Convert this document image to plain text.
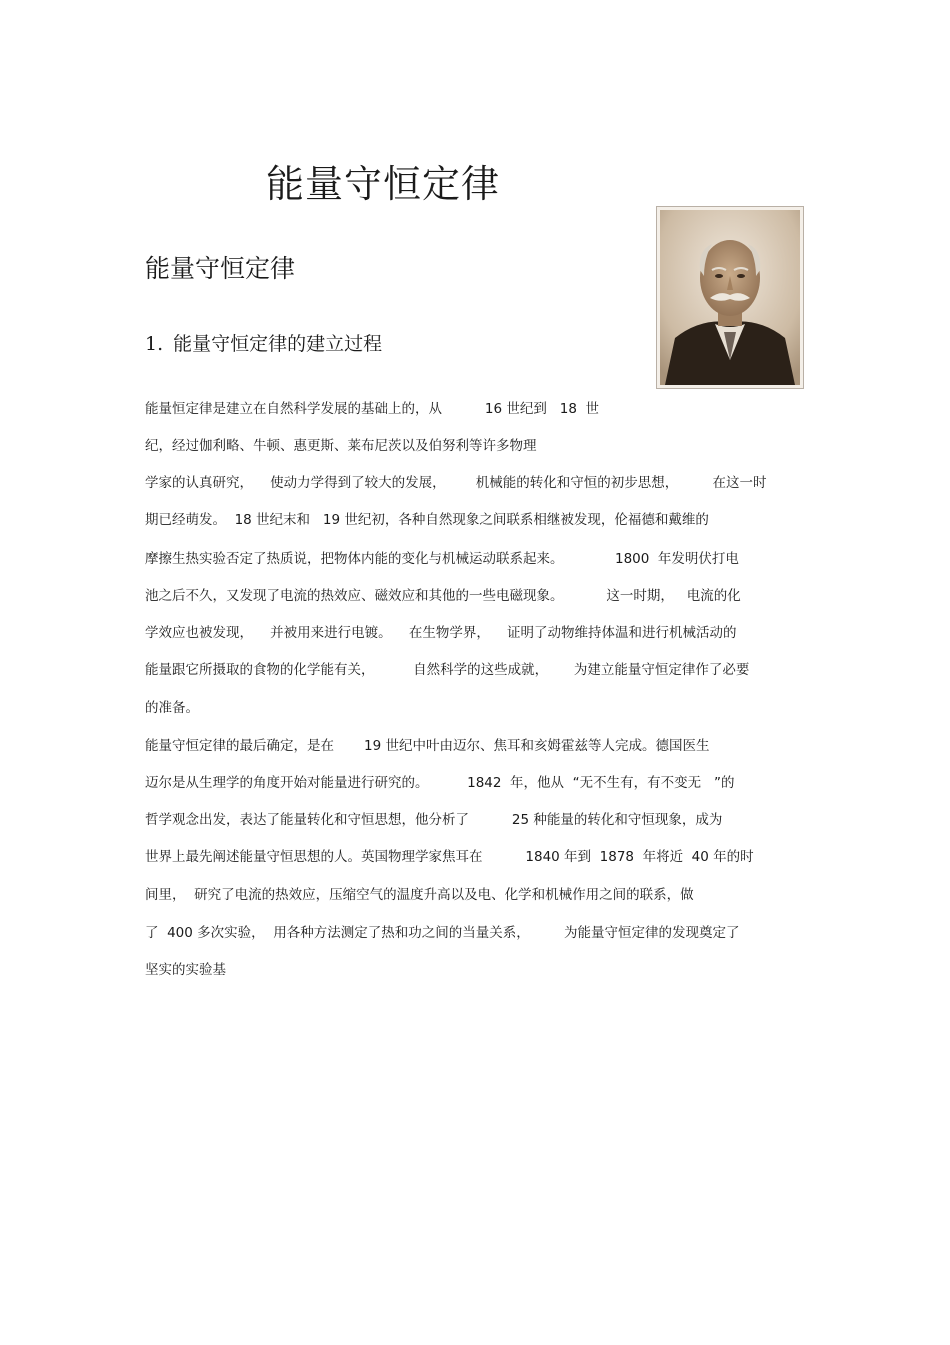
能量守恒定律
能量守恒定律
1. 能量守恒定律的建立过程

能量恒定律是建立在自然科学发展的基础上的，从          16 世纪到   18  世

纪，经过伽利略、牛顿、惠更斯、莱布尼茨以及伯努利等许多物理

学家的认真研究，    使动力学得到了较大的发展，       机械能的转化和守恒的初步思想，        在这一时

期已经萌发。  18 世纪末和   19 世纪初，各种自然现象之间联系相继被发现，伦福德和戴维的

摩擦生热实验否定了热质说，把物体内能的变化与机械运动联系起来。            1800  年发明伏打电

池之后不久，又发现了电流的热效应、磁效应和其他的一些电磁现象。          这一时期，   电流的化

学效应也被发现，    并被用来进行电镀。    在生物学界，    证明了动物维持体温和进行机械活动的

能量跟它所摄取的食物的化学能有关，         自然科学的这些成就，      为建立能量守恒定律作了必要

的准备。

能量守恒定律的最后确定，是在       19 世纪中叶由迈尔、焦耳和亥姆霍兹等人完成。德国医生

迈尔是从生理学的角度开始对能量进行研究的。         1842  年，他从  “无不生有，有不变无   ”的

哲学观念出发，表达了能量转化和守恒思想，他分析了          25 种能量的转化和守恒现象，成为

世界上最先阐述能量守恒思想的人。英国物理学家焦耳在          1840 年到  1878  年将近  40 年的时

间里，  研究了电流的热效应，压缩空气的温度升高以及电、化学和机械作用之间的联系，做

了  400 多次实验，  用各种方法测定了热和功之间的当量关系，        为能量守恒定律的发现奠定了

坚实的实验基
